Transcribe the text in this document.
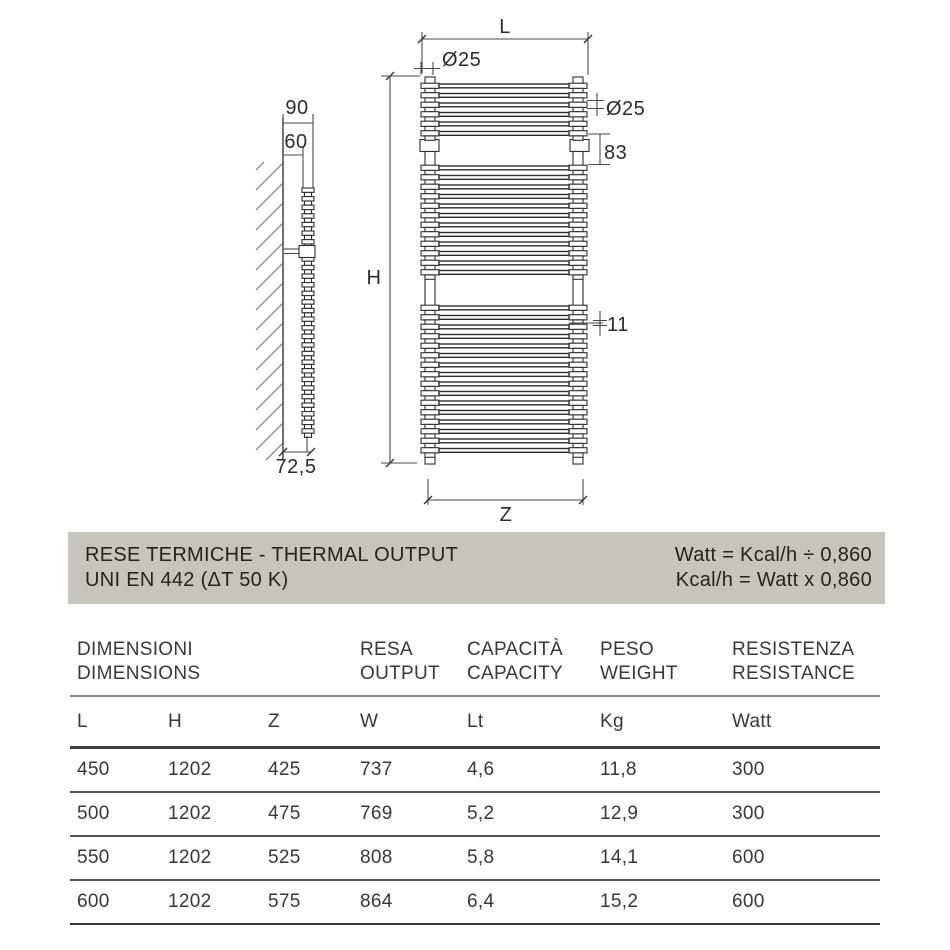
90
60
72,5
L
Ø25
H
Ø25
83
11
Z
RESE TERMICHE - THERMAL OUTPUT
UNI EN 442 (ΔT 50 K)
Watt = Kcal/h ÷ 0,860
Kcal/h = Watt x 0,860
DIMENSIONI
DIMENSIONS

RESA
OUTPUT

CAPACITÀ
CAPACITY

PESO
WEIGHT

RESISTENZA
RESISTANCE

L	H	Z	W	Lt	Kg	Watt
450	1202	425	737	4,6	11,8	300
500	1202	475	769	5,2	12,9	300
550	1202	525	808	5,8	14,1	600
600	1202	575	864	6,4	15,2	600
